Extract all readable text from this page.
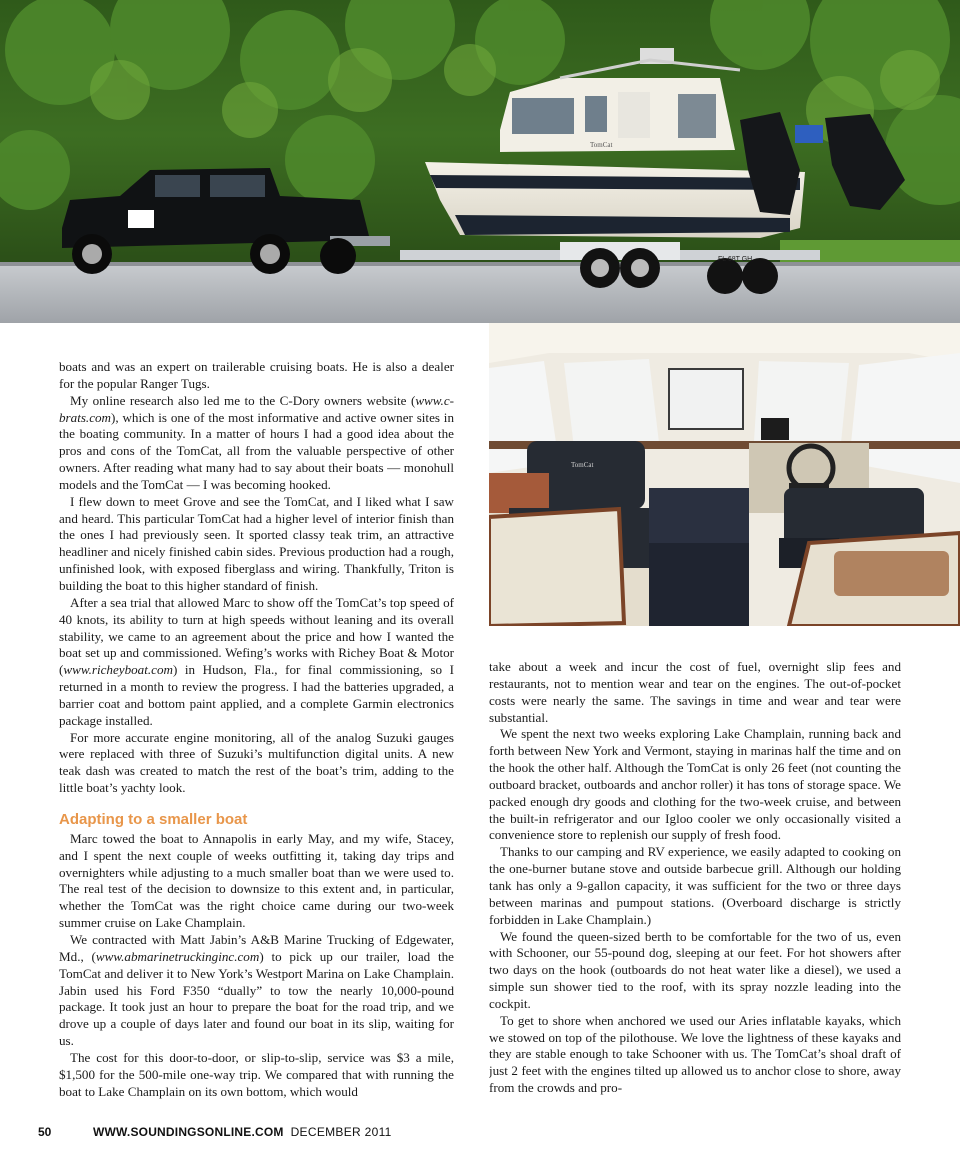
TomCat
FL 68T GH
TomCat

boats and was an expert on trailerable cruising boats. He is also a dealer for the popular Ranger Tugs.

My online research also led me to the C-Dory owners website (www.c-brats.com), which is one of the most informative and active owner sites in the boating community. In a matter of hours I had a good idea about the pros and cons of the TomCat, all from the valuable perspective of other owners. After reading what many had to say about their boats — monohull models and the TomCat — I was becoming hooked.

I flew down to meet Grove and see the TomCat, and I liked what I saw and heard. This particular TomCat had a higher level of interior finish than the ones I had previously seen. It sported classy teak trim, an attractive headliner and nicely finished cabin sides. Previous production had a rough, unfinished look, with exposed fiberglass and wiring. Thankfully, Triton is building the boat to this higher standard of finish.

After a sea trial that allowed Marc to show off the TomCat’s top speed of 40 knots, its ability to turn at high speeds without leaning and its overall stability, we came to an agreement about the price and how I wanted the boat set up and commissioned. Wefing’s works with Richey Boat & Motor (www.richeyboat.com) in Hudson, Fla., for final commissioning, so I returned in a month to review the progress. I had the batteries upgraded, a barrier coat and bottom paint applied, and a complete Garmin electronics package installed.

For more accurate engine monitoring, all of the analog Suzuki gauges were replaced with three of Suzuki’s multifunction digital units. A new teak dash was created to match the rest of the boat’s trim, adding to the little boat’s yachty look.

Adapting to a smaller boat

Marc towed the boat to Annapolis in early May, and my wife, Stacey, and I spent the next couple of weeks outfitting it, taking day trips and overnighters while adjusting to a much smaller boat than we were used to. The real test of the decision to downsize to this extent and, in particular, whether the TomCat was the right choice came during our two-week summer cruise on Lake Champlain.

We contracted with Matt Jabin’s A&B Marine Trucking of Edgewater, Md., (www.abmarinetruckinginc.com) to pick up our trailer, load the TomCat and deliver it to New York’s Westport Marina on Lake Champlain. Jabin used his Ford F350 “dually” to tow the nearly 10,000-pound package. It took just an hour to prepare the boat for the road trip, and we drove up a couple of days later and found our boat in its slip, waiting for us.

The cost for this door-to-door, or slip-to-slip, service was $3 a mile, $1,500 for the 500-mile one-way trip. We compared that with running the boat to Lake Champlain on its own bottom, which would

take about a week and incur the cost of fuel, overnight slip fees and restaurants, not to mention wear and tear on the engines. The out-of-pocket costs were nearly the same. The savings in time and wear and tear were substantial.

We spent the next two weeks exploring Lake Champlain, running back and forth between New York and Vermont, staying in marinas half the time and on the hook the other half. Although the TomCat is only 26 feet (not counting the outboard bracket, outboards and anchor roller) it has tons of storage space. We packed enough dry goods and clothing for the two-week cruise, and between the built-in refrigerator and our Igloo cooler we only occasionally visited a convenience store to replenish our supply of fresh food.

Thanks to our camping and RV experience, we easily adapted to cooking on the one-burner butane stove and outside barbecue grill. Although our holding tank has only a 9-gallon capacity, it was sufficient for the two or three days between marinas and pumpout stations. (Overboard discharge is strictly forbidden in Lake Champlain.)

We found the queen-sized berth to be comfortable for the two of us, even with Schooner, our 55-pound dog, sleeping at our feet. For hot showers after two days on the hook (outboards do not heat water like a diesel), we used a simple sun shower tied to the roof, with its spray nozzle leading into the cockpit.

To get to shore when anchored we used our Aries inflatable kayaks, which we stowed on top of the pilothouse. We love the lightness of these kayaks and they are stable enough to take Schooner with us. The TomCat’s shoal draft of just 2 feet with the engines tilted up allowed us to anchor close to shore, away from the crowds and pro-

50	WWW.SOUNDINGSONLINE.COM DECEMBER 2011
